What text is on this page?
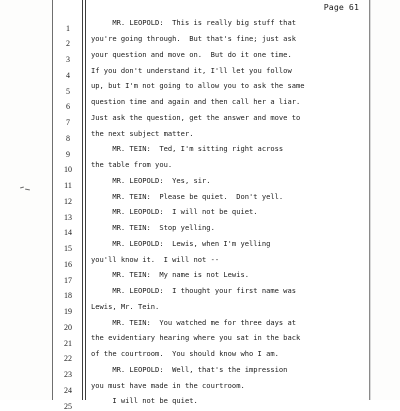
Page 61
1
2
3
4
5
6
7
8
9
10
11
12
13
14
15
16
17
18
19
20
21
22
23
24
25
MR. LEOPOLD:  This is really big stuff that
you're going through.  But that's fine; just ask
your question and move on.  But do it one time.
If you don't understand it, I'll let you follow
up, but I'm not going to allow you to ask the same
question time and again and then call her a liar.
Just ask the question, get the answer and move to
the next subject matter.
MR. TEIN:  Ted, I'm sitting right across
the table from you.
MR. LEOPOLD:  Yes, sir.
MR. TEIN:  Please be quiet.  Don't yell.
MR. LEOPOLD:  I will not be quiet.
MR. TEIN:  Stop yelling.
MR. LEOPOLD:  Lewis, when I'm yelling
you'll know it.  I will not --
MR. TEIN:  My name is not Lewis.
MR. LEOPOLD:  I thought your first name was
Lewis, Mr. Tein.
MR. TEIN:  You watched me for three days at
the evidentiary hearing where you sat in the back
of the courtroom.  You should know who I am.
MR. LEOPOLD:  Well, that's the impression
you must have made in the courtroom.
I will not be quiet.
